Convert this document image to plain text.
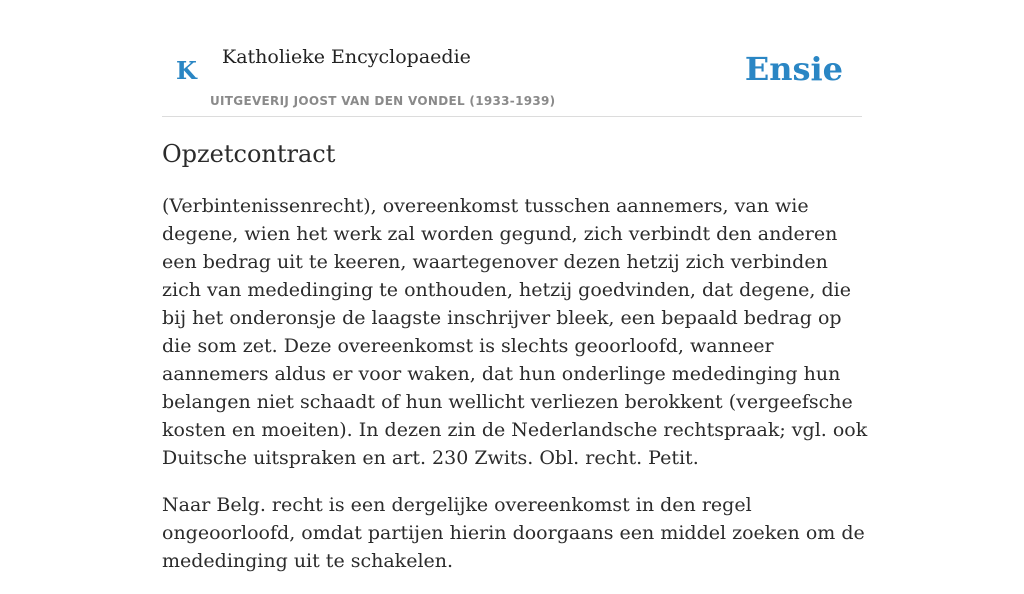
K Katholieke Encyclopaedie
UITGEVERIJ JOOST VAN DEN VONDEL (1933-1939)
Ensie
Opzetcontract

(Verbintenissenrecht), overeenkomst tusschen aannemers, van wie degene, wien het werk zal worden gegund, zich verbindt den anderen een bedrag uit te keeren, waartegenover dezen hetzij zich verbinden zich van mededinging te onthouden, hetzij goedvinden, dat degene, die bij het onderonsje de laagste inschrijver bleek, een bepaald bedrag op die som zet. Deze overeenkomst is slechts geoorloofd, wanneer aannemers aldus er voor waken, dat hun onderlinge mededinging hun belangen niet schaadt of hun wellicht verliezen berokkent (vergeefsche kosten en moeiten). In dezen zin de Nederlandsche rechtspraak; vgl. ook Duitsche uitspraken en art. 230 Zwits. Obl. recht. Petit.

Naar Belg. recht is een dergelijke overeenkomst in den regel ongeoorloofd, omdat partijen hierin doorgaans een middel zoeken om de mededinging uit te schakelen.
